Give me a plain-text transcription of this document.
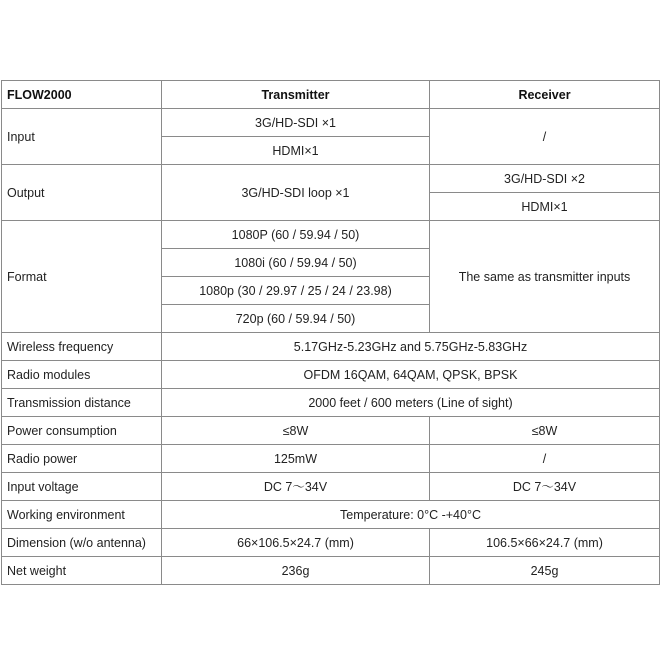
FLOW2000	Transmitter	Receiver
Input	3G/HD-SDI ×1	/
	HDMI×1	
Output	3G/HD-SDI loop ×1	3G/HD-SDI ×2
		HDMI×1
Format	1080P (60 / 59.94 / 50)	The same as transmitter inputs
	1080i (60 / 59.94 / 50)	
	1080p (30 / 29.97 / 25 / 24 / 23.98)	
	720p (60 / 59.94 / 50)	
Wireless frequency	5.17GHz-5.23GHz and 5.75GHz-5.83GHz	
Radio modules	OFDM 16QAM, 64QAM, QPSK, BPSK	
Transmission distance	2000 feet / 600 meters (Line of sight)	
Power consumption	≤8W	≤8W
Radio power	125mW	/
Input voltage	DC 7～34V	DC 7～34V
Working environment	Temperature: 0°C -+40°C	
Dimension (w/o antenna)	66×106.5×24.7 (mm)	106.5×66×24.7 (mm)
Net weight	236g	245g
